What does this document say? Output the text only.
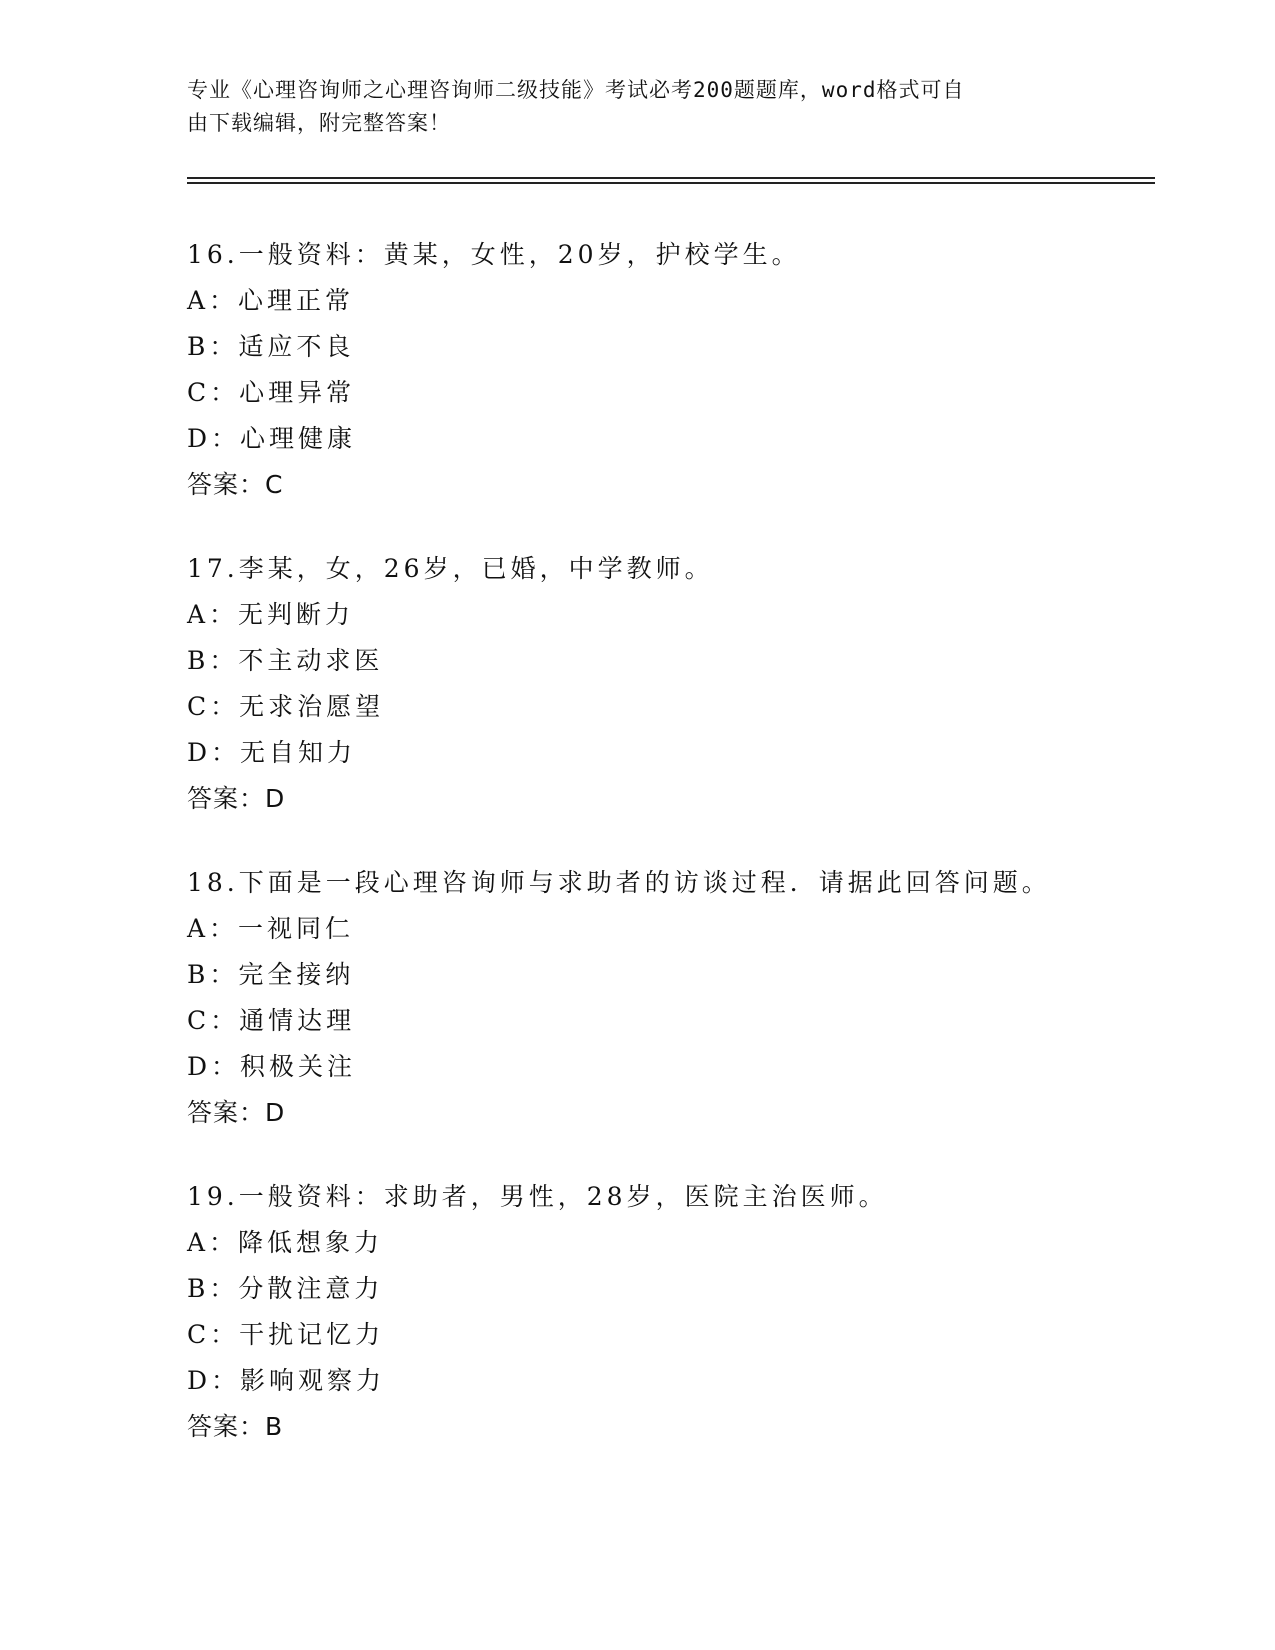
专业《心理咨询师之心理咨询师二级技能》考试必考200题题库，word格式可自
由下载编辑，附完整答案！
16.一般资料：黄某，女性，20岁，护校学生。
A：心理正常
B：适应不良
C：心理异常
D：心理健康
答案：C
17.李某，女，26岁，已婚，中学教师。
A：无判断力
B：不主动求医
C：无求治愿望
D：无自知力
答案：D
18.下面是一段心理咨询师与求助者的访谈过程．请据此回答问题。
A：一视同仁
B：完全接纳
C：通情达理
D：积极关注
答案：D
19.一般资料：求助者，男性，28岁，医院主治医师。
A：降低想象力
B：分散注意力
C：干扰记忆力
D：影响观察力
答案：B
